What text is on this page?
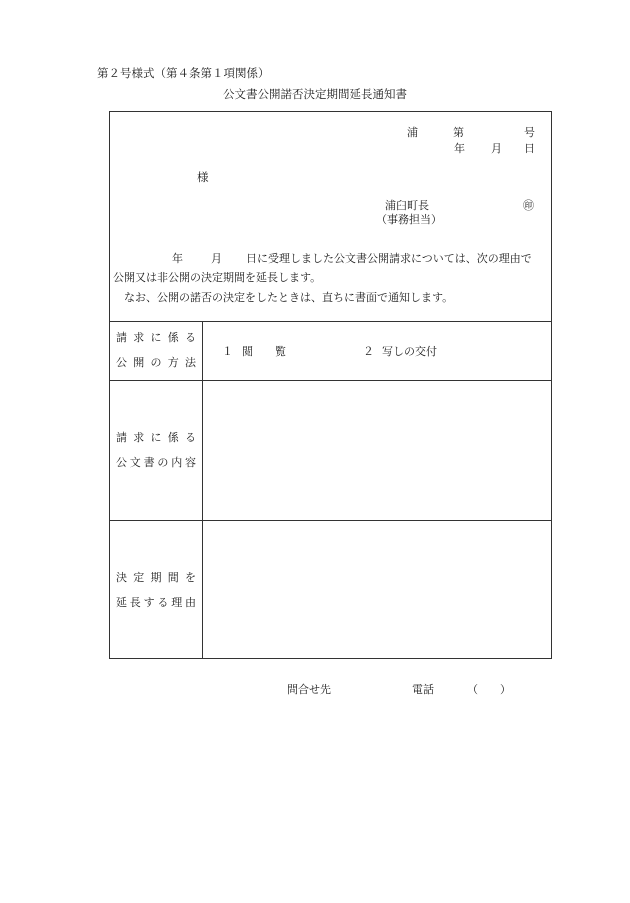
第２号様式（第４条第１項関係）
公文書公開諾否決定期間延長通知書
浦	第	号
年 月 日
様
浦臼町長	㊞
（事務担当）
年	月 日に受理しました公文書公開請求については、次の理由で
公開又は非公開の決定期間を延長します。
なお、公開の諾否の決定をしたときは、直ちに書面で通知します。
請求に係る
公開の方法
１ 閲　　覧	２ 写しの交付
請求に係る
公文書の内容
決定期間を
延長する理由
問合せ先	電話	（　　）
